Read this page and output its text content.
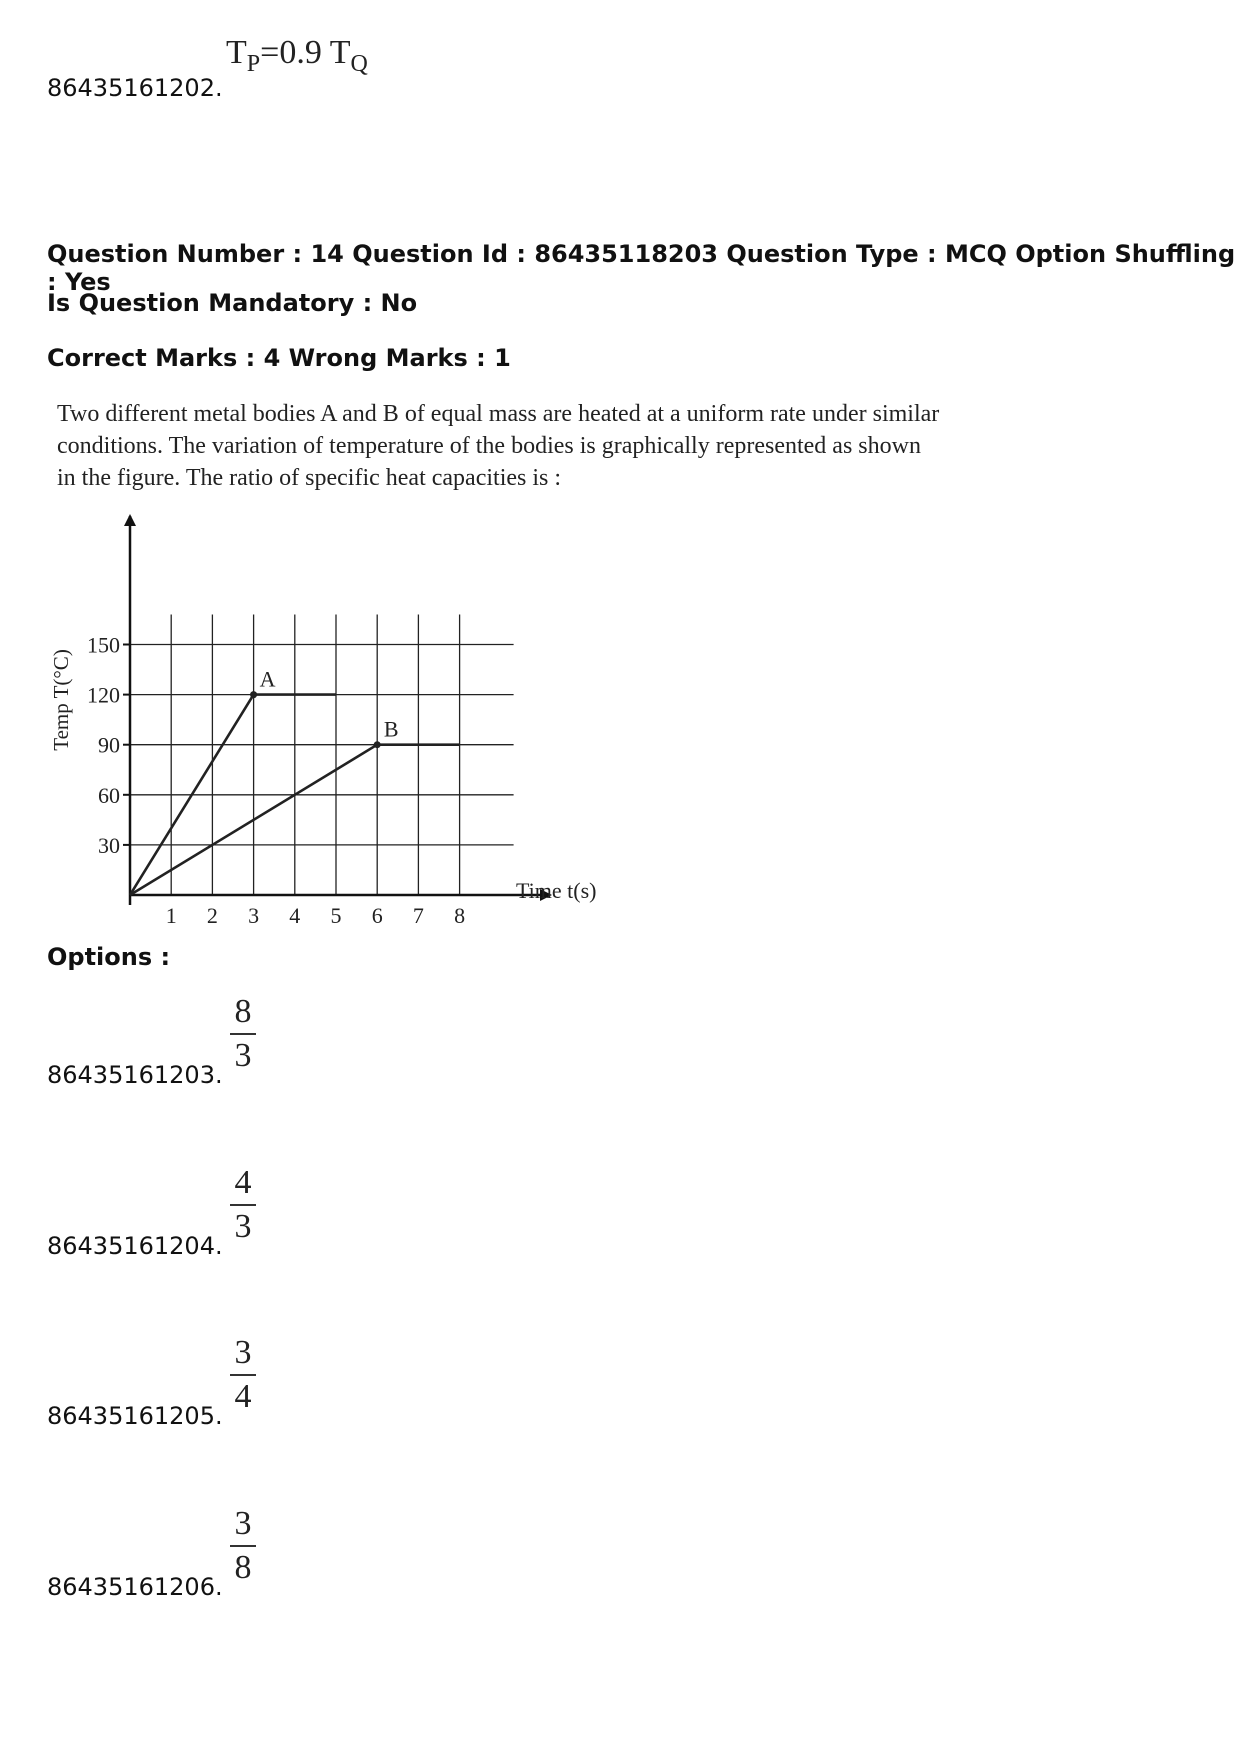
86435161202.
$T_P=0.9$ $T_Q$
Question Number : 14 Question Id : 86435118203 Question Type : MCQ Option Shuffling : Yes
Is Question Mandatory : No
Correct Marks : 4 Wrong Marks : 1
Two different metal bodies A and B of equal mass are heated at a uniform rate under similar
conditions. The variation of temperature of the bodies is graphically represented as shown
in the figure. The ratio of specific heat capacities is :
1 2 3 4 5 6 7 8
30
60
90
120
150
A
B
Temp T(°C)
Time t(s)
Options :
86435161203.
8
3
86435161204.
4
3
86435161205.
3
4
86435161206.
3
8
